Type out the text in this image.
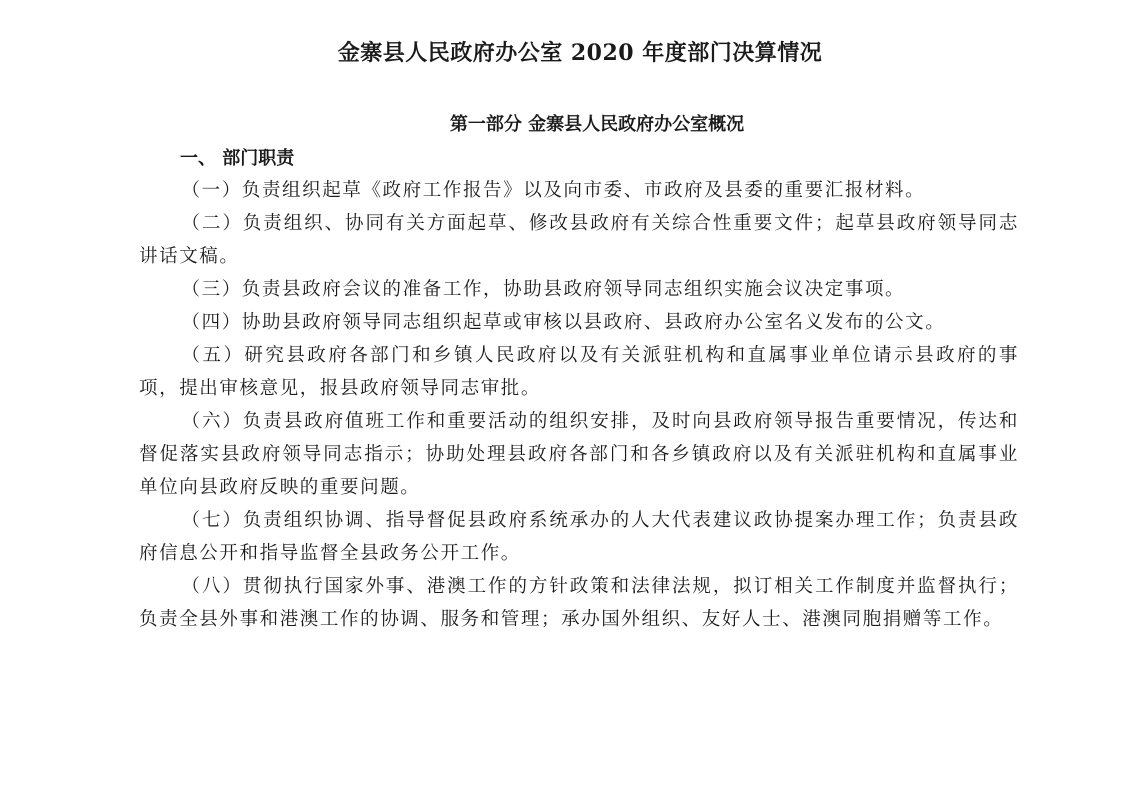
金寨县人民政府办公室 2020 年度部门决算情况
第一部分 金寨县人民政府办公室概况
一、 部门职责

（一）负责组织起草《政府工作报告》以及向市委、市政府及县委的重要汇报材料。

（二）负责组织、协同有关方面起草、修改县政府有关综合性重要文件；起草县政府领导同志讲话文稿。

（三）负责县政府会议的准备工作，协助县政府领导同志组织实施会议决定事项。

（四）协助县政府领导同志组织起草或审核以县政府、县政府办公室名义发布的公文。

（五）研究县政府各部门和乡镇人民政府以及有关派驻机构和直属事业单位请示县政府的事项，提出审核意见，报县政府领导同志审批。

（六）负责县政府值班工作和重要活动的组织安排，及时向县政府领导报告重要情况，传达和督促落实县政府领导同志指示；协助处理县政府各部门和各乡镇政府以及有关派驻机构和直属事业单位向县政府反映的重要问题。

（七）负责组织协调、指导督促县政府系统承办的人大代表建议政协提案办理工作；负责县政府信息公开和指导监督全县政务公开工作。

（八）贯彻执行国家外事、港澳工作的方针政策和法律法规，拟订相关工作制度并监督执行；负责全县外事和港澳工作的协调、服务和管理；承办国外组织、友好人士、港澳同胞捐赠等工作。
